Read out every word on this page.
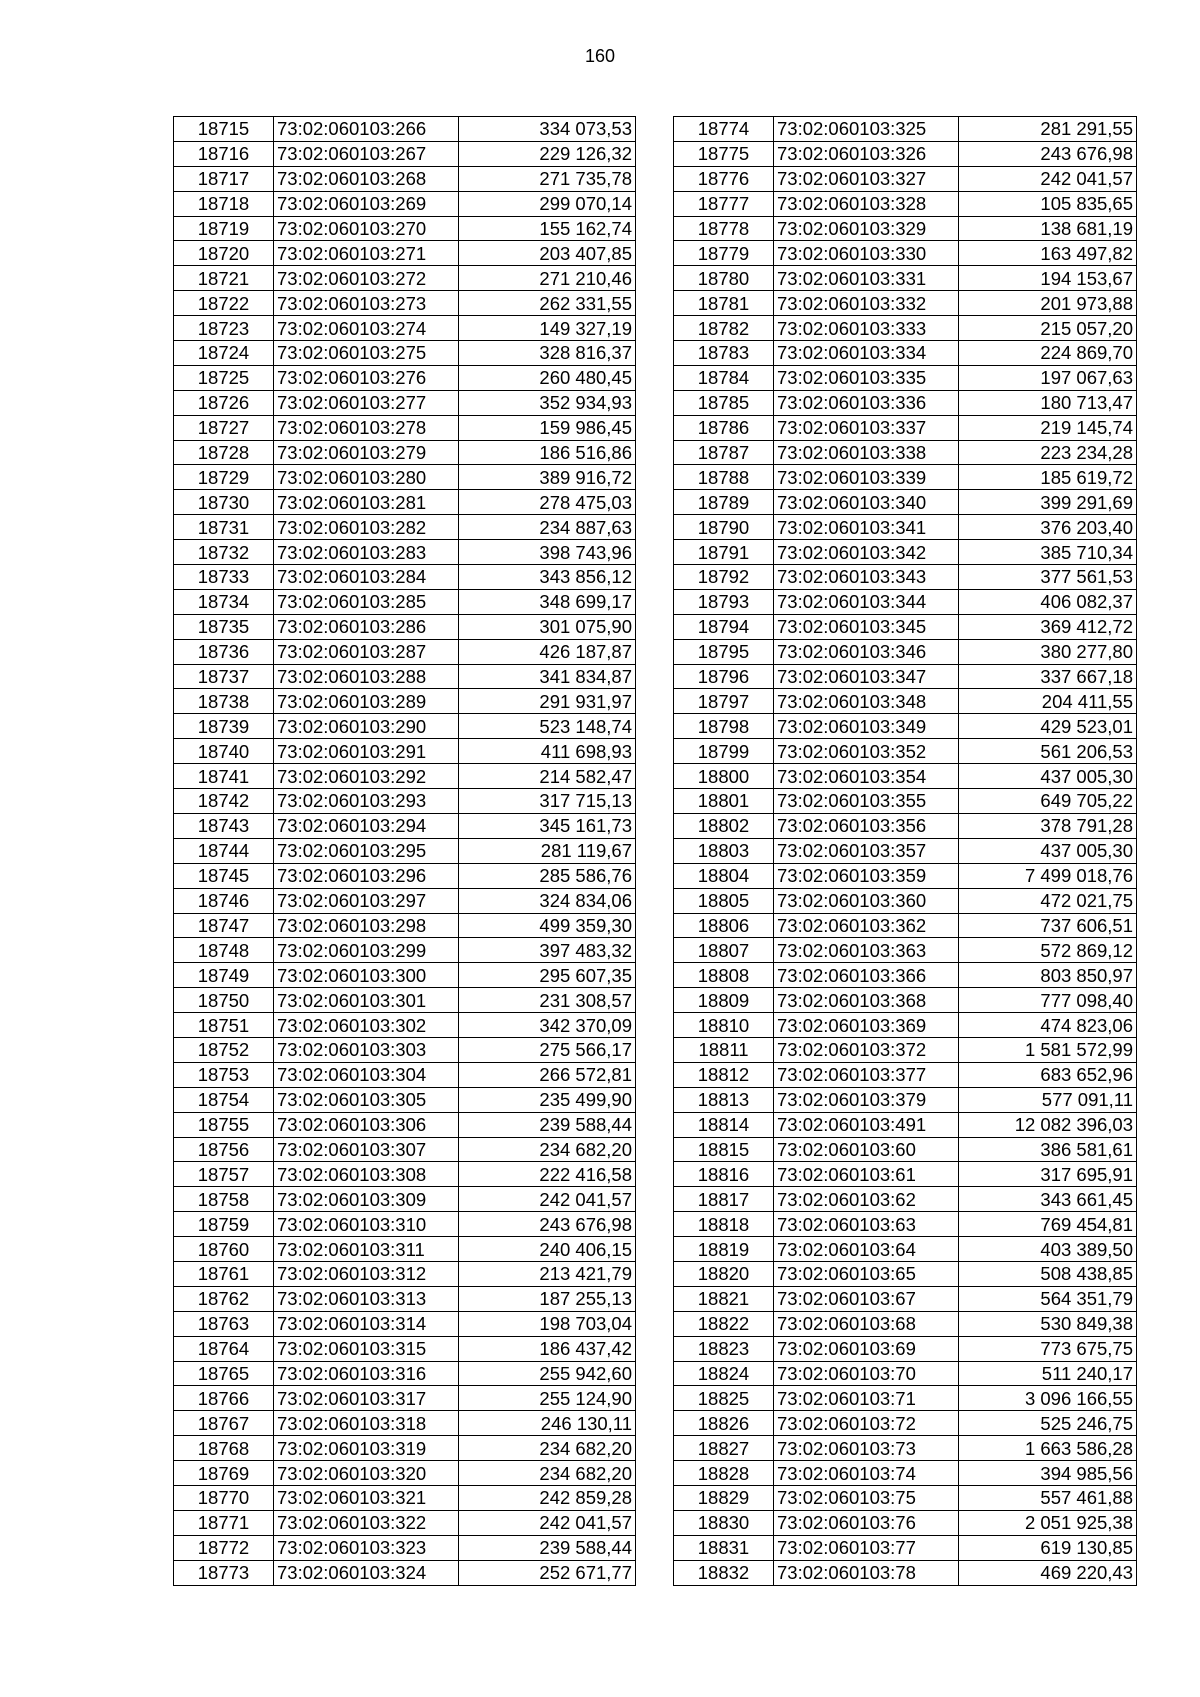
160
18715	73:02:060103:266	334 073,53
18716	73:02:060103:267	229 126,32
18717	73:02:060103:268	271 735,78
18718	73:02:060103:269	299 070,14
18719	73:02:060103:270	155 162,74
18720	73:02:060103:271	203 407,85
18721	73:02:060103:272	271 210,46
18722	73:02:060103:273	262 331,55
18723	73:02:060103:274	149 327,19
18724	73:02:060103:275	328 816,37
18725	73:02:060103:276	260 480,45
18726	73:02:060103:277	352 934,93
18727	73:02:060103:278	159 986,45
18728	73:02:060103:279	186 516,86
18729	73:02:060103:280	389 916,72
18730	73:02:060103:281	278 475,03
18731	73:02:060103:282	234 887,63
18732	73:02:060103:283	398 743,96
18733	73:02:060103:284	343 856,12
18734	73:02:060103:285	348 699,17
18735	73:02:060103:286	301 075,90
18736	73:02:060103:287	426 187,87
18737	73:02:060103:288	341 834,87
18738	73:02:060103:289	291 931,97
18739	73:02:060103:290	523 148,74
18740	73:02:060103:291	411 698,93
18741	73:02:060103:292	214 582,47
18742	73:02:060103:293	317 715,13
18743	73:02:060103:294	345 161,73
18744	73:02:060103:295	281 119,67
18745	73:02:060103:296	285 586,76
18746	73:02:060103:297	324 834,06
18747	73:02:060103:298	499 359,30
18748	73:02:060103:299	397 483,32
18749	73:02:060103:300	295 607,35
18750	73:02:060103:301	231 308,57
18751	73:02:060103:302	342 370,09
18752	73:02:060103:303	275 566,17
18753	73:02:060103:304	266 572,81
18754	73:02:060103:305	235 499,90
18755	73:02:060103:306	239 588,44
18756	73:02:060103:307	234 682,20
18757	73:02:060103:308	222 416,58
18758	73:02:060103:309	242 041,57
18759	73:02:060103:310	243 676,98
18760	73:02:060103:311	240 406,15
18761	73:02:060103:312	213 421,79
18762	73:02:060103:313	187 255,13
18763	73:02:060103:314	198 703,04
18764	73:02:060103:315	186 437,42
18765	73:02:060103:316	255 942,60
18766	73:02:060103:317	255 124,90
18767	73:02:060103:318	246 130,11
18768	73:02:060103:319	234 682,20
18769	73:02:060103:320	234 682,20
18770	73:02:060103:321	242 859,28
18771	73:02:060103:322	242 041,57
18772	73:02:060103:323	239 588,44
18773	73:02:060103:324	252 671,77
18774	73:02:060103:325	281 291,55
18775	73:02:060103:326	243 676,98
18776	73:02:060103:327	242 041,57
18777	73:02:060103:328	105 835,65
18778	73:02:060103:329	138 681,19
18779	73:02:060103:330	163 497,82
18780	73:02:060103:331	194 153,67
18781	73:02:060103:332	201 973,88
18782	73:02:060103:333	215 057,20
18783	73:02:060103:334	224 869,70
18784	73:02:060103:335	197 067,63
18785	73:02:060103:336	180 713,47
18786	73:02:060103:337	219 145,74
18787	73:02:060103:338	223 234,28
18788	73:02:060103:339	185 619,72
18789	73:02:060103:340	399 291,69
18790	73:02:060103:341	376 203,40
18791	73:02:060103:342	385 710,34
18792	73:02:060103:343	377 561,53
18793	73:02:060103:344	406 082,37
18794	73:02:060103:345	369 412,72
18795	73:02:060103:346	380 277,80
18796	73:02:060103:347	337 667,18
18797	73:02:060103:348	204 411,55
18798	73:02:060103:349	429 523,01
18799	73:02:060103:352	561 206,53
18800	73:02:060103:354	437 005,30
18801	73:02:060103:355	649 705,22
18802	73:02:060103:356	378 791,28
18803	73:02:060103:357	437 005,30
18804	73:02:060103:359	7 499 018,76
18805	73:02:060103:360	472 021,75
18806	73:02:060103:362	737 606,51
18807	73:02:060103:363	572 869,12
18808	73:02:060103:366	803 850,97
18809	73:02:060103:368	777 098,40
18810	73:02:060103:369	474 823,06
18811	73:02:060103:372	1 581 572,99
18812	73:02:060103:377	683 652,96
18813	73:02:060103:379	577 091,11
18814	73:02:060103:491	12 082 396,03
18815	73:02:060103:60	386 581,61
18816	73:02:060103:61	317 695,91
18817	73:02:060103:62	343 661,45
18818	73:02:060103:63	769 454,81
18819	73:02:060103:64	403 389,50
18820	73:02:060103:65	508 438,85
18821	73:02:060103:67	564 351,79
18822	73:02:060103:68	530 849,38
18823	73:02:060103:69	773 675,75
18824	73:02:060103:70	511 240,17
18825	73:02:060103:71	3 096 166,55
18826	73:02:060103:72	525 246,75
18827	73:02:060103:73	1 663 586,28
18828	73:02:060103:74	394 985,56
18829	73:02:060103:75	557 461,88
18830	73:02:060103:76	2 051 925,38
18831	73:02:060103:77	619 130,85
18832	73:02:060103:78	469 220,43
